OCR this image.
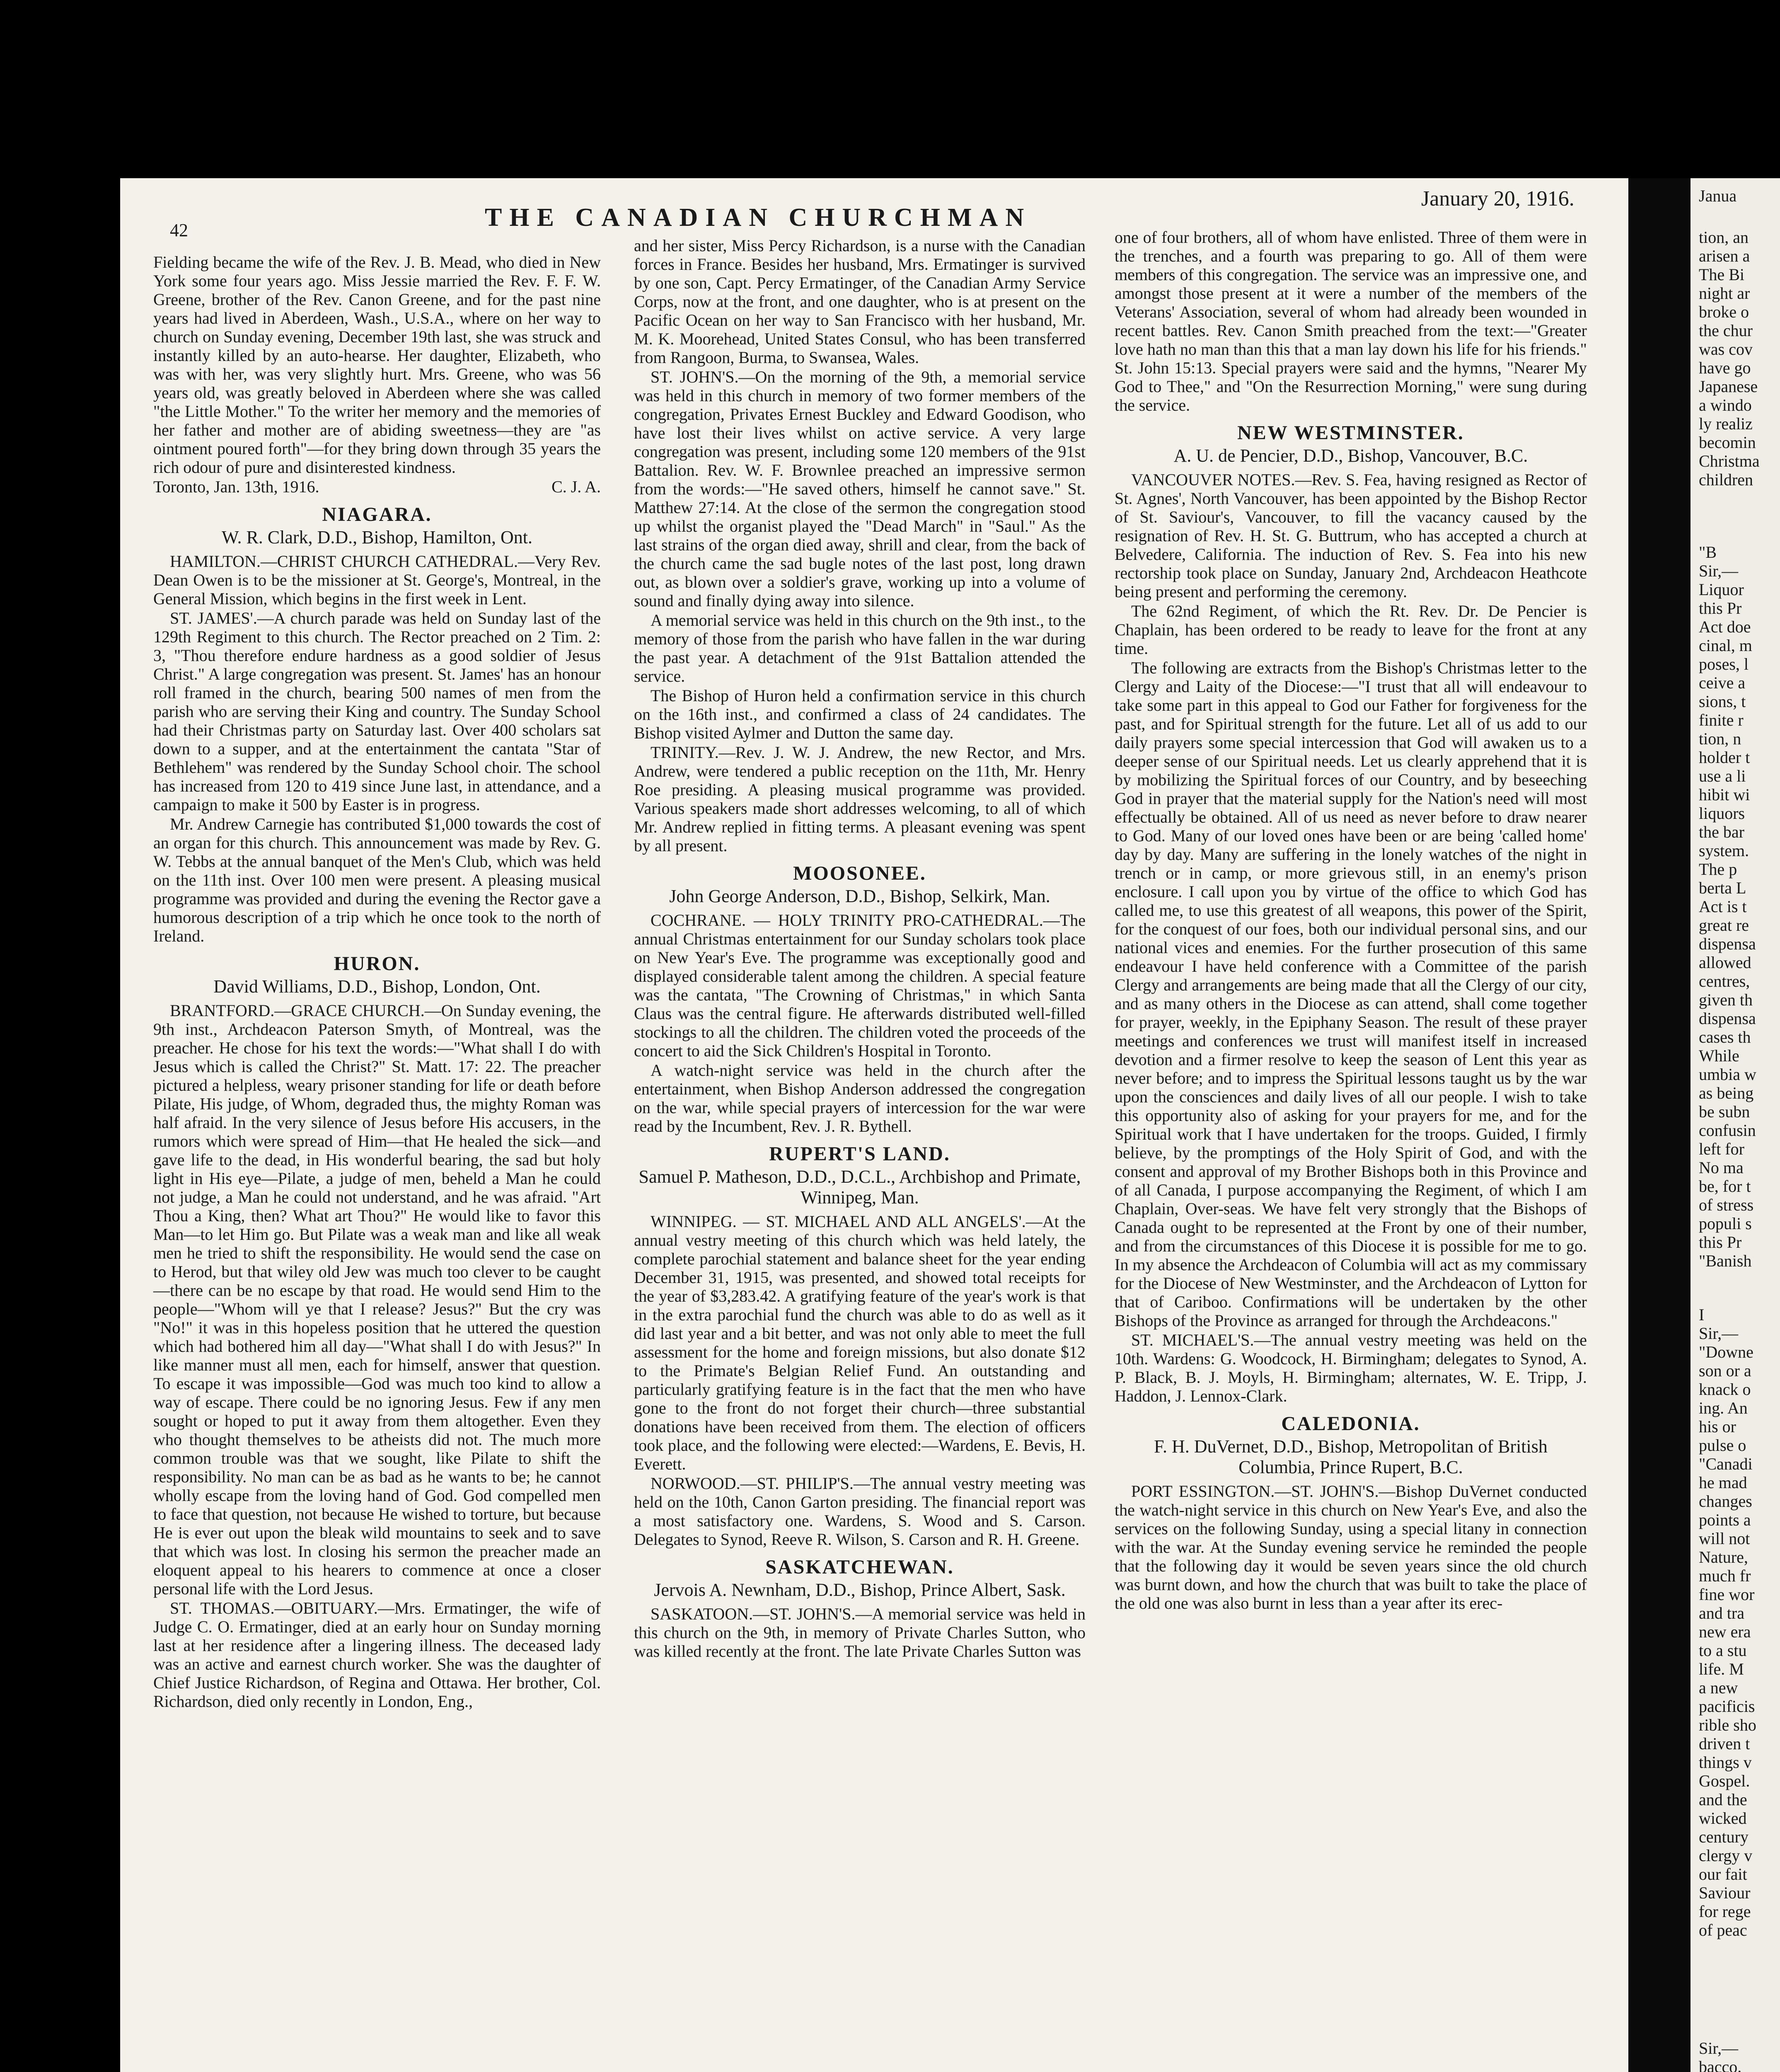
42	THE CANADIAN CHURCHMAN
January 20, 1916.

Fielding became the wife of the Rev. J. B. Mead, who died in New York some four years ago. Miss Jessie married the Rev. F. F. W. Greene, brother of the Rev. Canon Greene, and for the past nine years had lived in Aberdeen, Wash., U.S.A., where on her way to church on Sunday evening, December 19th last, she was struck and instantly killed by an auto-hearse. Her daughter, Elizabeth, who was with her, was very slightly hurt. Mrs. Greene, who was 56 years old, was greatly beloved in Aberdeen where she was called "the Little Mother." To the writer her memory and the memories of her father and mother are of abiding sweetness—they are "as ointment poured forth"—for they bring down through 35 years the rich odour of pure and disinterested kindness.

Toronto, Jan. 13th, 1916.	C. J. A.
NIAGARA.
W. R. Clark, D.D., Bishop, Hamilton, Ont.

HAMILTON.—CHRIST CHURCH CATHEDRAL.—Very Rev. Dean Owen is to be the missioner at St. George's, Montreal, in the General Mission, which begins in the first week in Lent.

ST. JAMES'.—A church parade was held on Sunday last of the 129th Regiment to this church. The Rector preached on 2 Tim. 2: 3, "Thou therefore endure hardness as a good soldier of Jesus Christ." A large congregation was present. St. James' has an honour roll framed in the church, bearing 500 names of men from the parish who are serving their King and country. The Sunday School had their Christmas party on Saturday last. Over 400 scholars sat down to a supper, and at the entertainment the cantata "Star of Bethlehem" was rendered by the Sunday School choir. The school has increased from 120 to 419 since June last, in attendance, and a campaign to make it 500 by Easter is in progress.

Mr. Andrew Carnegie has contributed $1,000 towards the cost of an organ for this church. This announcement was made by Rev. G. W. Tebbs at the annual banquet of the Men's Club, which was held on the 11th inst. Over 100 men were present. A pleasing musical programme was provided and during the evening the Rector gave a humorous description of a trip which he once took to the north of Ireland.

HURON.
David Williams, D.D., Bishop, London, Ont.

BRANTFORD.—GRACE CHURCH.—On Sunday evening, the 9th inst., Archdeacon Paterson Smyth, of Montreal, was the preacher. He chose for his text the words:—"What shall I do with Jesus which is called the Christ?" St. Matt. 17: 22. The preacher pictured a helpless, weary prisoner standing for life or death before Pilate, His judge, of Whom, degraded thus, the mighty Roman was half afraid. In the very silence of Jesus before His accusers, in the rumors which were spread of Him—that He healed the sick—and gave life to the dead, in His wonderful bearing, the sad but holy light in His eye—Pilate, a judge of men, beheld a Man he could not judge, a Man he could not understand, and he was afraid. "Art Thou a King, then? What art Thou?" He would like to favor this Man—to let Him go. But Pilate was a weak man and like all weak men he tried to shift the responsibility. He would send the case on to Herod, but that wiley old Jew was much too clever to be caught—there can be no escape by that road. He would send Him to the people—"Whom will ye that I release? Jesus?" But the cry was "No!" it was in this hopeless position that he uttered the question which had bothered him all day—"What shall I do with Jesus?" In like manner must all men, each for himself, answer that question. To escape it was impossible—God was much too kind to allow a way of escape. There could be no ignoring Jesus. Few if any men sought or hoped to put it away from them altogether. Even they who thought themselves to be atheists did not. The much more common trouble was that we sought, like Pilate to shift the responsibility. No man can be as bad as he wants to be; he cannot wholly escape from the loving hand of God. God compelled men to face that question, not because He wished to torture, but because He is ever out upon the bleak wild mountains to seek and to save that which was lost. In closing his sermon the preacher made an eloquent appeal to his hearers to commence at once a closer personal life with the Lord Jesus.

ST. THOMAS.—OBITUARY.—Mrs. Ermatinger, the wife of Judge C. O. Ermatinger, died at an early hour on Sunday morning last at her residence after a lingering illness. The deceased lady was an active and earnest church worker. She was the daughter of Chief Justice Richardson, of Regina and Ottawa. Her brother, Col. Richardson, died only recently in London, Eng.,

and her sister, Miss Percy Richardson, is a nurse with the Canadian forces in France. Besides her husband, Mrs. Ermatinger is survived by one son, Capt. Percy Ermatinger, of the Canadian Army Service Corps, now at the front, and one daughter, who is at present on the Pacific Ocean on her way to San Francisco with her husband, Mr. M. K. Moorehead, United States Consul, who has been transferred from Rangoon, Burma, to Swansea, Wales.

ST. JOHN'S.—On the morning of the 9th, a memorial service was held in this church in memory of two former members of the congregation, Privates Ernest Buckley and Edward Goodison, who have lost their lives whilst on active service. A very large congregation was present, including some 120 members of the 91st Battalion. Rev. W. F. Brownlee preached an impressive sermon from the words:—"He saved others, himself he cannot save." St. Matthew 27:14. At the close of the sermon the congregation stood up whilst the organist played the "Dead March" in "Saul." As the last strains of the organ died away, shrill and clear, from the back of the church came the sad bugle notes of the last post, long drawn out, as blown over a soldier's grave, working up into a volume of sound and finally dying away into silence.

A memorial service was held in this church on the 9th inst., to the memory of those from the parish who have fallen in the war during the past year. A detachment of the 91st Battalion attended the service.

The Bishop of Huron held a confirmation service in this church on the 16th inst., and confirmed a class of 24 candidates. The Bishop visited Aylmer and Dutton the same day.

TRINITY.—Rev. J. W. J. Andrew, the new Rector, and Mrs. Andrew, were tendered a public reception on the 11th, Mr. Henry Roe presiding. A pleasing musical programme was provided. Various speakers made short addresses welcoming, to all of which Mr. Andrew replied in fitting terms. A pleasant evening was spent by all present.

MOOSONEE.
John George Anderson, D.D., Bishop, Selkirk, Man.

COCHRANE. — HOLY TRINITY PRO-CATHEDRAL.—The annual Christmas entertainment for our Sunday scholars took place on New Year's Eve. The programme was exceptionally good and displayed considerable talent among the children. A special feature was the cantata, "The Crowning of Christmas," in which Santa Claus was the central figure. He afterwards distributed well-filled stockings to all the children. The children voted the proceeds of the concert to aid the Sick Children's Hospital in Toronto.

A watch-night service was held in the church after the entertainment, when Bishop Anderson addressed the congregation on the war, while special prayers of intercession for the war were read by the Incumbent, Rev. J. R. Bythell.

RUPERT'S LAND.
Samuel P. Matheson, D.D., D.C.L., Archbishop and Primate, Winnipeg, Man.

WINNIPEG. — ST. MICHAEL AND ALL ANGELS'.—At the annual vestry meeting of this church which was held lately, the complete parochial statement and balance sheet for the year ending December 31, 1915, was presented, and showed total receipts for the year of $3,283.42. A gratifying feature of the year's work is that in the extra parochial fund the church was able to do as well as it did last year and a bit better, and was not only able to meet the full assessment for the home and foreign missions, but also donate $12 to the Primate's Belgian Relief Fund. An outstanding and particularly gratifying feature is in the fact that the men who have gone to the front do not forget their church—three substantial donations have been received from them. The election of officers took place, and the following were elected:—Wardens, E. Bevis, H. Everett.

NORWOOD.—ST. PHILIP'S.—The annual vestry meeting was held on the 10th, Canon Garton presiding. The financial report was a most satisfactory one. Wardens, S. Wood and S. Carson. Delegates to Synod, Reeve R. Wilson, S. Carson and R. H. Greene.

SASKATCHEWAN.
Jervois A. Newnham, D.D., Bishop, Prince Albert, Sask.

SASKATOON.—ST. JOHN'S.—A memorial service was held in this church on the 9th, in memory of Private Charles Sutton, who was killed recently at the front. The late Private Charles Sutton was

one of four brothers, all of whom have enlisted. Three of them were in the trenches, and a fourth was preparing to go. All of them were members of this congregation. The service was an impressive one, and amongst those present at it were a number of the members of the Veterans' Association, several of whom had already been wounded in recent battles. Rev. Canon Smith preached from the text:—"Greater love hath no man than this that a man lay down his life for his friends." St. John 15:13. Special prayers were said and the hymns, "Nearer My God to Thee," and "On the Resurrection Morning," were sung during the service.

NEW WESTMINSTER.
A. U. de Pencier, D.D., Bishop, Vancouver, B.C.

VANCOUVER NOTES.—Rev. S. Fea, having resigned as Rector of St. Agnes', North Vancouver, has been appointed by the Bishop Rector of St. Saviour's, Vancouver, to fill the vacancy caused by the resignation of Rev. H. St. G. Buttrum, who has accepted a church at Belvedere, California. The induction of Rev. S. Fea into his new rectorship took place on Sunday, January 2nd, Archdeacon Heathcote being present and performing the ceremony.

The 62nd Regiment, of which the Rt. Rev. Dr. De Pencier is Chaplain, has been ordered to be ready to leave for the front at any time.

The following are extracts from the Bishop's Christmas letter to the Clergy and Laity of the Diocese:—"I trust that all will endeavour to take some part in this appeal to God our Father for forgiveness for the past, and for Spiritual strength for the future. Let all of us add to our daily prayers some special intercession that God will awaken us to a deeper sense of our Spiritual needs. Let us clearly apprehend that it is by mobilizing the Spiritual forces of our Country, and by beseeching God in prayer that the material supply for the Nation's need will most effectually be obtained. All of us need as never before to draw nearer to God. Many of our loved ones have been or are being 'called home' day by day. Many are suffering in the lonely watches of the night in trench or in camp, or more grievous still, in an enemy's prison enclosure. I call upon you by virtue of the office to which God has called me, to use this greatest of all weapons, this power of the Spirit, for the conquest of our foes, both our individual personal sins, and our national vices and enemies. For the further prosecution of this same endeavour I have held conference with a Committee of the parish Clergy and arrangements are being made that all the Clergy of our city, and as many others in the Diocese as can attend, shall come together for prayer, weekly, in the Epiphany Season. The result of these prayer meetings and conferences we trust will manifest itself in increased devotion and a firmer resolve to keep the season of Lent this year as never before; and to impress the Spiritual lessons taught us by the war upon the consciences and daily lives of all our people. I wish to take this opportunity also of asking for your prayers for me, and for the Spiritual work that I have undertaken for the troops. Guided, I firmly believe, by the promptings of the Holy Spirit of God, and with the consent and approval of my Brother Bishops both in this Province and of all Canada, I purpose accompanying the Regiment, of which I am Chaplain, Over-seas. We have felt very strongly that the Bishops of Canada ought to be represented at the Front by one of their number, and from the circumstances of this Diocese it is possible for me to go. In my absence the Archdeacon of Columbia will act as my commissary for the Diocese of New Westminster, and the Archdeacon of Lytton for that of Cariboo. Confirmations will be undertaken by the other Bishops of the Province as arranged for through the Archdeacons."

ST. MICHAEL'S.—The annual vestry meeting was held on the 10th. Wardens: G. Woodcock, H. Birmingham; delegates to Synod, A. P. Black, B. J. Moyls, H. Birmingham; alternates, W. E. Tripp, J. Haddon, J. Lennox-Clark.

CALEDONIA.
F. H. DuVernet, D.D., Bishop, Metropolitan of British Columbia, Prince Rupert, B.C.

PORT ESSINGTON.—ST. JOHN'S.—Bishop DuVernet conducted the watch-night service in this church on New Year's Eve, and also the services on the following Sunday, using a special litany in connection with the war. At the Sunday evening service he reminded the people that the following day it would be seven years since the old church was burnt down, and how the church that was built to take the place of the old one was also burnt in less than a year after its erec-

Janua
tion, an
arisen a
The Bi
night ar
broke o
the chur
was cov
have go
Japanese
a windo
ly realiz
becomin
Christma
children
"B
Sir,—
Liquor
this Pr
Act doe
cinal, m
poses, l
ceive a
sions, t
finite r
tion, n
holder t
use a li
hibit wi
liquors
the bar
system.
The p
berta L
Act is t
great re
dispensa
allowed
centres,
given th
dispensa
cases th
While
umbia w
as being
be subn
confusin
left for
No ma
be, for t
of stress
populi s
this Pr
"Banish
I
Sir,—
"Downe
son or a
knack o
ing. An
his or
pulse o
"Canadi
he mad
changes
points a
will not
Nature,
much fr
fine wor
and tra
new era
to a stu
life. M
a new
pacificis
rible sho
driven t
things v
Gospel.
and the
wicked
century
clergy v
our fait
Saviour
for rege
of peac
Sir,—
bacco.
